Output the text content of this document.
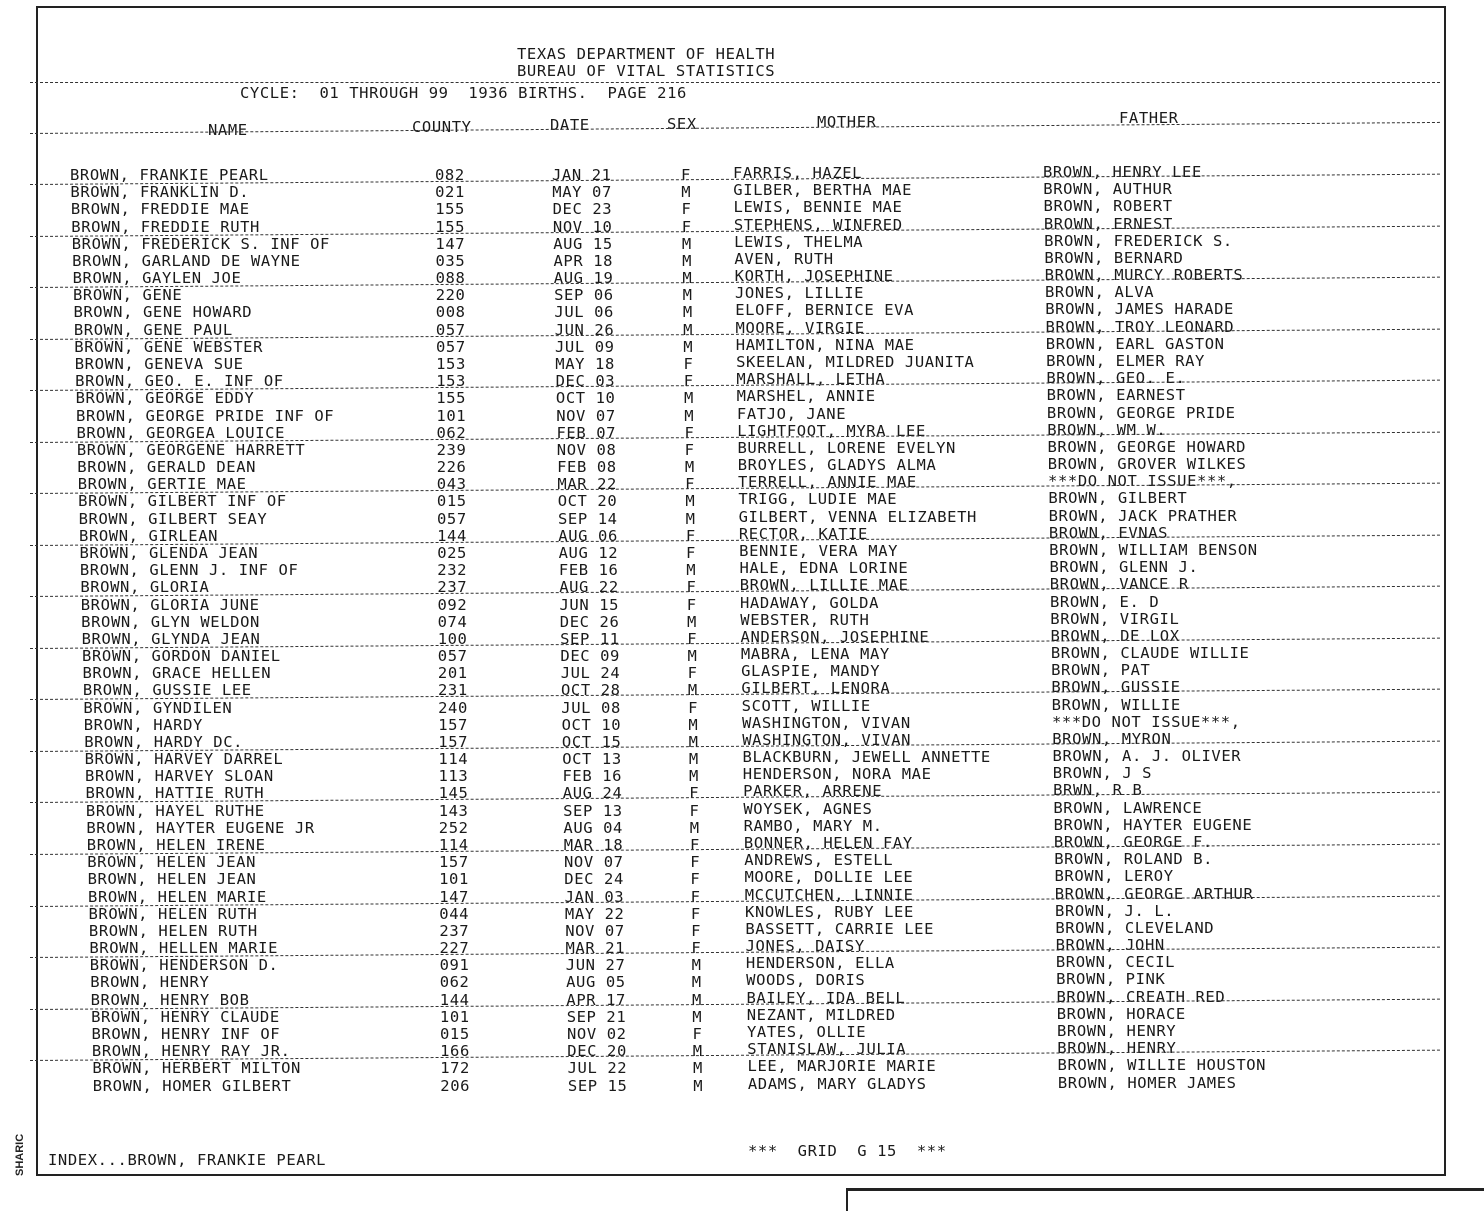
SHARIC
TEXAS DEPARTMENT OF HEALTH
BUREAU OF VITAL STATISTICS
CYCLE:  01 THROUGH 99  1936 BIRTHS.  PAGE 216
NAME	COUNTY	DATE	SEX	MOTHER	FATHER
BROWN, FRANKIE PEARL	082	JAN 21	F	FARRIS, HAZEL	BROWN, HENRY LEE
BROWN, FRANKLIN D.	021	MAY 07	M	GILBER, BERTHA MAE	BROWN, AUTHUR
BROWN, FREDDIE MAE	155	DEC 23	F	LEWIS, BENNIE MAE	BROWN, ROBERT
BROWN, FREDDIE RUTH	155	NOV 10	F	STEPHENS, WINFRED	BROWN, ERNEST
BROWN, FREDERICK S. INF OF	147	AUG 15	M	LEWIS, THELMA	BROWN, FREDERICK S.
BROWN, GARLAND DE WAYNE	035	APR 18	M	AVEN, RUTH	BROWN, BERNARD
BROWN, GAYLEN JOE	088	AUG 19	M	KORTH, JOSEPHINE	BROWN, MURCY ROBERTS
BROWN, GENE	220	SEP 06	M	JONES, LILLIE	BROWN, ALVA
BROWN, GENE HOWARD	008	JUL 06	M	ELOFF, BERNICE EVA	BROWN, JAMES HARADE
BROWN, GENE PAUL	057	JUN 26	M	MOORE, VIRGIE	BROWN, TROY LEONARD
BROWN, GENE WEBSTER	057	JUL 09	M	HAMILTON, NINA MAE	BROWN, EARL GASTON
BROWN, GENEVA SUE	153	MAY 18	F	SKEELAN, MILDRED JUANITA	BROWN, ELMER RAY
BROWN, GEO. E. INF OF	153	DEC 03	F	MARSHALL, LETHA	BROWN, GEO. E.
BROWN, GEORGE EDDY	155	OCT 10	M	MARSHEL, ANNIE	BROWN, EARNEST
BROWN, GEORGE PRIDE INF OF	101	NOV 07	M	FATJO, JANE	BROWN, GEORGE PRIDE
BROWN, GEORGEA LOUICE	062	FEB 07	F	LIGHTFOOT, MYRA LEE	BROWN, WM W.
BROWN, GEORGENE HARRETT	239	NOV 08	F	BURRELL, LORENE EVELYN	BROWN, GEORGE HOWARD
BROWN, GERALD DEAN	226	FEB 08	M	BROYLES, GLADYS ALMA	BROWN, GROVER WILKES
BROWN, GERTIE MAE	043	MAR 22	F	TERRELL, ANNIE MAE	***DO NOT ISSUE***,
BROWN, GILBERT INF OF	015	OCT 20	M	TRIGG, LUDIE MAE	BROWN, GILBERT
BROWN, GILBERT SEAY	057	SEP 14	M	GILBERT, VENNA ELIZABETH	BROWN, JACK PRATHER
BROWN, GIRLEAN	144	AUG 06	F	RECTOR, KATIE	BROWN, EVNAS
BROWN, GLENDA JEAN	025	AUG 12	F	BENNIE, VERA MAY	BROWN, WILLIAM BENSON
BROWN, GLENN J. INF OF	232	FEB 16	M	HALE, EDNA LORINE	BROWN, GLENN J.
BROWN, GLORIA	237	AUG 22	F	BROWN, LILLIE MAE	BROWN, VANCE R
BROWN, GLORIA JUNE	092	JUN 15	F	HADAWAY, GOLDA	BROWN, E. D
BROWN, GLYN WELDON	074	DEC 26	M	WEBSTER, RUTH	BROWN, VIRGIL
BROWN, GLYNDA JEAN	100	SEP 11	F	ANDERSON, JOSEPHINE	BROWN, DE LOX
BROWN, GORDON DANIEL	057	DEC 09	M	MABRA, LENA MAY	BROWN, CLAUDE WILLIE
BROWN, GRACE HELLEN	201	JUL 24	F	GLASPIE, MANDY	BROWN, PAT
BROWN, GUSSIE LEE	231	OCT 28	M	GILBERT, LENORA	BROWN, GUSSIE
BROWN, GYNDILEN	240	JUL 08	F	SCOTT, WILLIE	BROWN, WILLIE
BROWN, HARDY	157	OCT 10	M	WASHINGTON, VIVAN	***DO NOT ISSUE***,
BROWN, HARDY DC.	157	OCT 15	M	WASHINGTON, VIVAN	BROWN, MYRON
BROWN, HARVEY DARREL	114	OCT 13	M	BLACKBURN, JEWELL ANNETTE	BROWN, A. J. OLIVER
BROWN, HARVEY SLOAN	113	FEB 16	M	HENDERSON, NORA MAE	BROWN, J S
BROWN, HATTIE RUTH	145	AUG 24	F	PARKER, ARRENE	BRWN, R B
BROWN, HAYEL RUTHE	143	SEP 13	F	WOYSEK, AGNES	BROWN, LAWRENCE
BROWN, HAYTER EUGENE JR	252	AUG 04	M	RAMBO, MARY M.	BROWN, HAYTER EUGENE
BROWN, HELEN IRENE	114	MAR 18	F	BONNER, HELEN FAY	BROWN, GEORGE F.
BROWN, HELEN JEAN	157	NOV 07	F	ANDREWS, ESTELL	BROWN, ROLAND B.
BROWN, HELEN JEAN	101	DEC 24	F	MOORE, DOLLIE LEE	BROWN, LEROY
BROWN, HELEN MARIE	147	JAN 03	F	MCCUTCHEN, LINNIE	BROWN, GEORGE ARTHUR
BROWN, HELEN RUTH	044	MAY 22	F	KNOWLES, RUBY LEE	BROWN, J. L.
BROWN, HELEN RUTH	237	NOV 07	F	BASSETT, CARRIE LEE	BROWN, CLEVELAND
BROWN, HELLEN MARIE	227	MAR 21	F	JONES, DAISY	BROWN, JOHN
BROWN, HENDERSON D.	091	JUN 27	M	HENDERSON, ELLA	BROWN, CECIL
BROWN, HENRY	062	AUG 05	M	WOODS, DORIS	BROWN, PINK
BROWN, HENRY BOB	144	APR 17	M	BAILEY, IDA BELL	BROWN, CREATH RED
BROWN, HENRY CLAUDE	101	SEP 21	M	NEZANT, MILDRED	BROWN, HORACE
BROWN, HENRY INF OF	015	NOV 02	F	YATES, OLLIE	BROWN, HENRY
BROWN, HENRY RAY JR.	166	DEC 20	M	STANISLAW, JULIA	BROWN, HENRY
BROWN, HERBERT MILTON	172	JUL 22	M	LEE, MARJORIE MARIE	BROWN, WILLIE HOUSTON
BROWN, HOMER GILBERT	206	SEP 15	M	ADAMS, MARY GLADYS	BROWN, HOMER JAMES
INDEX...BROWN, FRANKIE PEARL	***  GRID  G 15  ***
